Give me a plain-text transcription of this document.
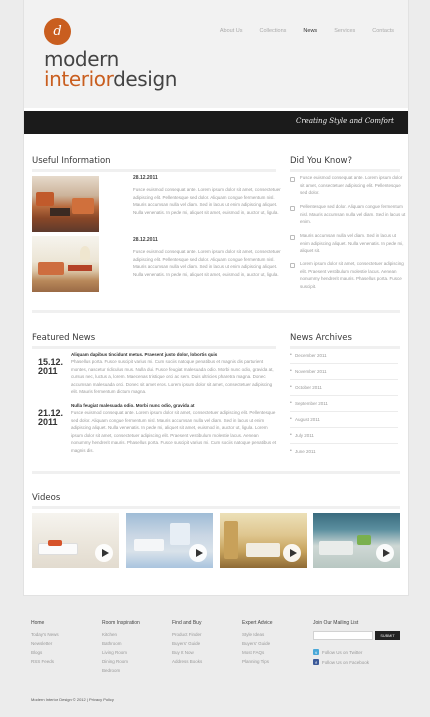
d
modern
interiordesign
About Us	Collections	News	Services	Contacts
Creating Style and Comfort
Useful Information
28.12.2011
Fusce euismod consequat ante. Lorem ipsum dolor sit amet, consectetuer adipiscing elit. Pellentesque sed dolor. Aliquam congue fermentum nisl. Mauris accumsan nulla vel diam. Sed in lacus ut enim adipiscing aliquet. Nulla venenatis. In pede mi, aliquet sit amet, euismod in, auctor ut, ligula.
28.12.2011
Fusce euismod consequat ante. Lorem ipsum dolor sit amet, consectetuer adipiscing elit. Pellentesque sed dolor. Aliquam congue fermentum nisl. Mauris accumsan nulla vel diam. Sed in lacus ut enim adipiscing aliquet. Nulla venenatis. In pede mi, aliquet sit amet, euismod in, auctor ut, ligula.
Did You Know?
Fusce euismod consequat ante. Lorem ipsum dolor sit amet, consectetuer adipiscing elit. Pellentesque sed dolor.
Pellentesque sed dolor. Aliquam congue fermentum nisl. Mauris accumsan nulla vel diam. Sed in lacus ut enim.
Mauris accumsan nulla vel diam. Sed in lacus ut enim adipiscing aliquet. Nulla venenatis. In pede mi, aliquet sit.
Lorem ipsum dolor sit amet, consectetuer adipiscing elit. Praesent vestibulum molestie lacus. Aenean nonummy hendrerit mauris. Phasellus porta. Fusce suscipit.
Featured News
15.12.
2011
Aliquam dapibus tincidunt metus. Praesent justo dolor, lobortis quis
Phasellus porta. Fusce suscipit varius mi. Cum sociis natoque penatibus et magnis dis parturient montes, nascetur ridiculus mus. Nulla dui. Fusce feugiat malesuada odio. Morbi nunc odio, gravida at, cursus nec, luctus a, lorem. Maecenas tristique orci ac sem. Duis ultricies pharetra magna. Donec accumsan malesuada orci. Donec sit amet eros. Lorem ipsum dolor sit amet, consectetuer adipiscing elit. Mauris fermentum dictum magna.
21.12.
2011
Nulla feugiat malesuada odio. Morbi nunc odio, gravida at
Fusce euismod consequat ante. Lorem ipsum dolor sit amet, consectetuer adipiscing elit. Pellentesque sed dolor. Aliquam congue fermentum nisl. Mauris accumsan nulla vel diam. Sed in lacus ut enim adipiscing aliquet. Nulla venenatis. In pede mi, aliquet sit amet, euismod in, auctor ut, ligula. Lorem ipsum dolor sit amet, consectetuer adipiscing elit. Praesent vestibulum molestie lacus. Aenean nonummy hendrerit mauris. Phasellus porta. Fusce suscipit varius mi. Cum sociis natoque penatibus et magnis dis.
News Archives
• December 2011
• November 2011
• October 2011
• September 2011
• August 2011
• July 2011
• June 2011
Videos
Home
Today's News
Newsletter
Blogs
RSS Feeds
Room Inspiration
Kitchen
Bathroom
Living Room
Dining Room
Bedroom
Find and Buy
Product Finder
Buyers' Guide
Buy It Now
Address Books
Expert Advice
Style Ideas
Buyers' Guide
Most FAQs
Planning Tips
Join Our Mailing List
SUBMIT
t	Follow Us on Twitter
f	Follow Us on Facebook
Modern Interior Design © 2012 | Privacy Policy
